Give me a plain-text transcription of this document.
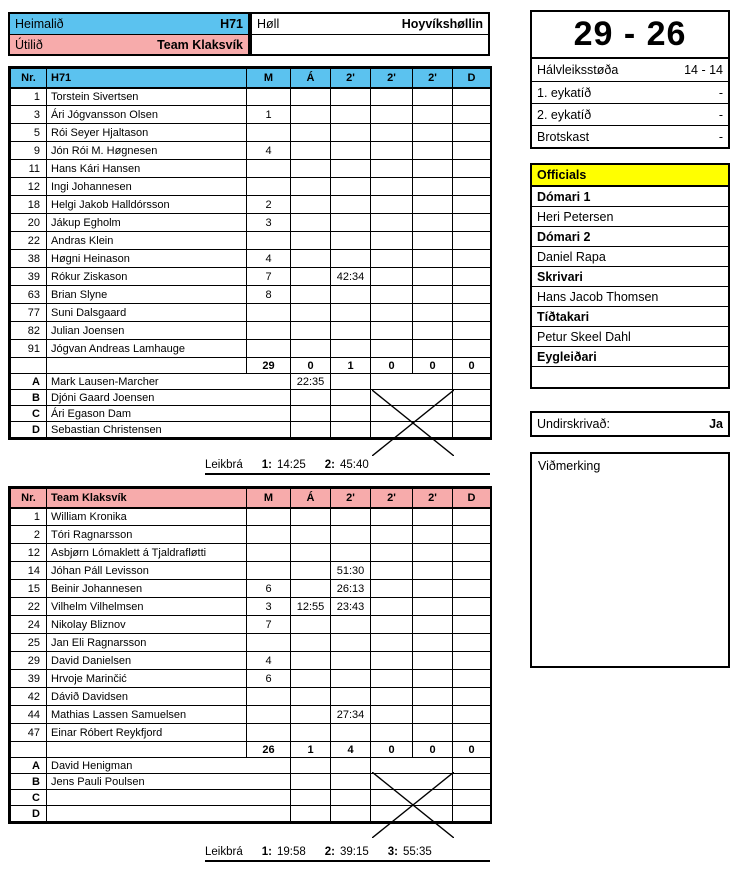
Heimalið	H71
Útilið	Team Klaksvík
Høll	Hoyvíkshøllin
Nr.	H71	M	Á	2'	2'	2'	D
1	Torstein Sivertsen						
3	Ári Jógvansson Olsen	1					
5	Rói Seyer Hjaltason						
9	Jón Rói M. Høgnesen	4					
11	Hans Kári Hansen						
12	Ingi Johannesen						
18	Helgi Jakob Halldórsson	2					
20	Jákup Egholm	3					
22	Andras Klein						
38	Høgni Heinason	4					
39	Rókur Ziskason	7		42:34			
63	Brian Slyne	8					
77	Suni Dalsgaard						
82	Julian Joensen						
91	Jógvan Andreas Lamhauge						
		29	0	1	0	0	0
A	Mark Lausen-Marcher		22:35				
B	Djóni Gaard Joensen						
C	Ári Egason Dam						
D	Sebastian Christensen						
Leikbrá	1: 14:25 2: 45:40
Nr.	Team Klaksvík	M	Á	2'	2'	2'	D
1	William Kronika						
2	Tóri Ragnarsson						
12	Asbjørn Lómaklett á Tjaldrafløtti						
14	Jóhan Páll Levisson			51:30			
15	Beinir Johannesen	6		26:13			
22	Vilhelm Vilhelmsen	3	12:55	23:43			
24	Nikolay Bliznov	7					
25	Jan Eli Ragnarsson						
29	David Danielsen	4					
39	Hrvoje Marinčić	6					
42	Dávið Davidsen						
44	Mathias Lassen Samuelsen			27:34			
47	Einar Róbert Reykfjord						
		26	1	4	0	0	0
A	David Henigman						
B	Jens Pauli Poulsen						
C							
D							
Leikbrá	1: 19:58 2: 39:15 3: 55:35
29 - 26
Hálvleiksstøða	14 - 14
1. eykatíð	-
2. eykatíð	-
Brotskast	-
Officials
Dómari 1
Heri Petersen
Dómari 2
Daniel Rapa
Skrivari
Hans Jacob Thomsen
Tíðtakari
Petur Skeel Dahl
Eygleiðari
Undirskrivað:	Ja
Viðmerking
